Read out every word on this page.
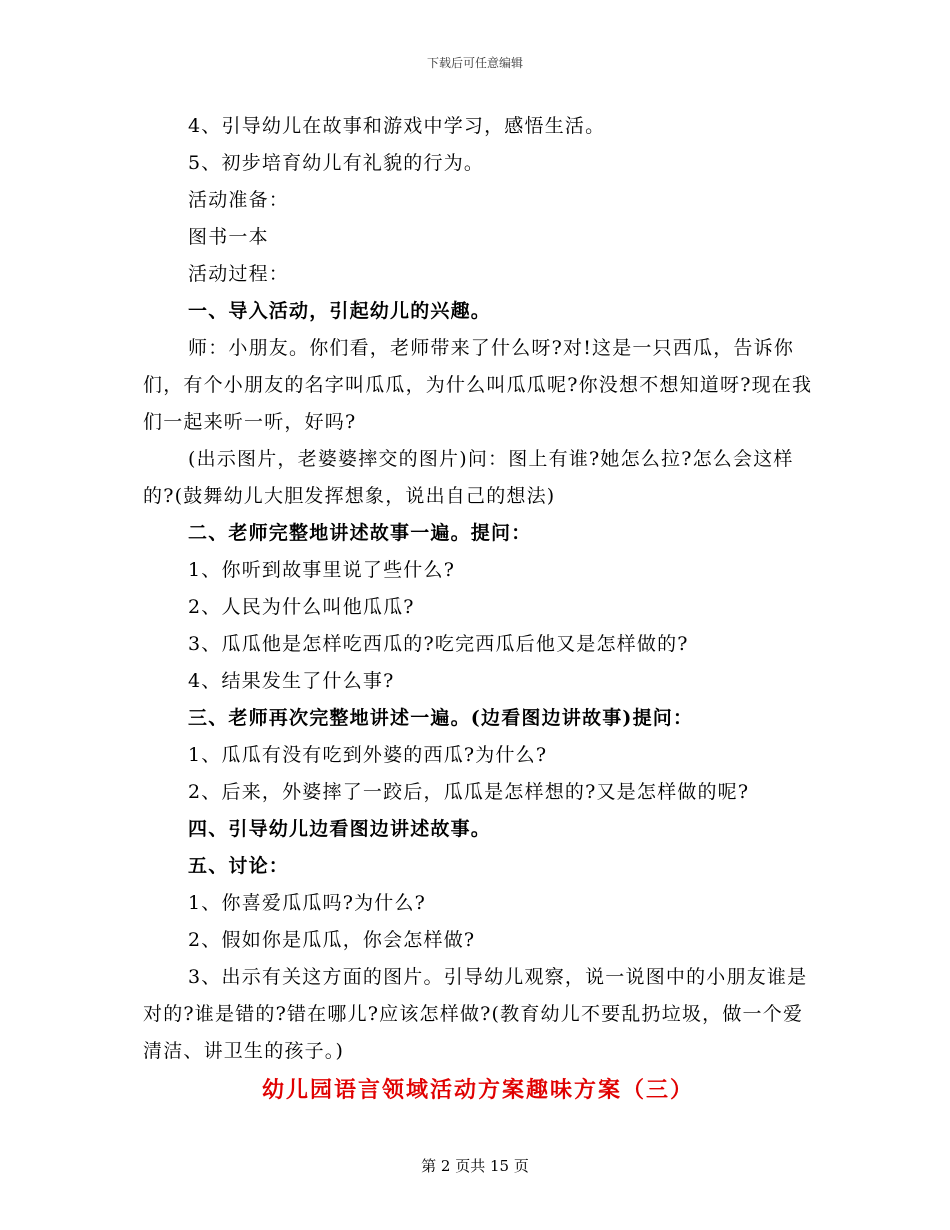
下载后可任意编辑

4、引导幼儿在故事和游戏中学习，感悟生活。

5、初步培育幼儿有礼貌的行为。

活动准备：

图书一本

活动过程：

一、导入活动，引起幼儿的兴趣。

师：小朋友。你们看，老师带来了什么呀?对!这是一只西瓜，告诉你们，有个小朋友的名字叫瓜瓜，为什么叫瓜瓜呢?你没想不想知道呀?现在我们一起来听一听，好吗?

(出示图片，老婆婆摔交的图片)问：图上有谁?她怎么拉?怎么会这样的?(鼓舞幼儿大胆发挥想象，说出自己的想法)

二、老师完整地讲述故事一遍。提问：

1、你听到故事里说了些什么?

2、人民为什么叫他瓜瓜?

3、瓜瓜他是怎样吃西瓜的?吃完西瓜后他又是怎样做的?

4、结果发生了什么事?

三、老师再次完整地讲述一遍。(边看图边讲故事)提问：

1、瓜瓜有没有吃到外婆的西瓜?为什么?

2、后来，外婆摔了一跤后，瓜瓜是怎样想的?又是怎样做的呢?

四、引导幼儿边看图边讲述故事。

五、讨论：

1、你喜爱瓜瓜吗?为什么?

2、假如你是瓜瓜，你会怎样做?

3、出示有关这方面的图片。引导幼儿观察，说一说图中的小朋友谁是对的?谁是错的?错在哪儿?应该怎样做?(教育幼儿不要乱扔垃圾，做一个爱清洁、讲卫生的孩子。)

幼儿园语言领域活动方案趣味方案（三）

第 2 页共 15 页
